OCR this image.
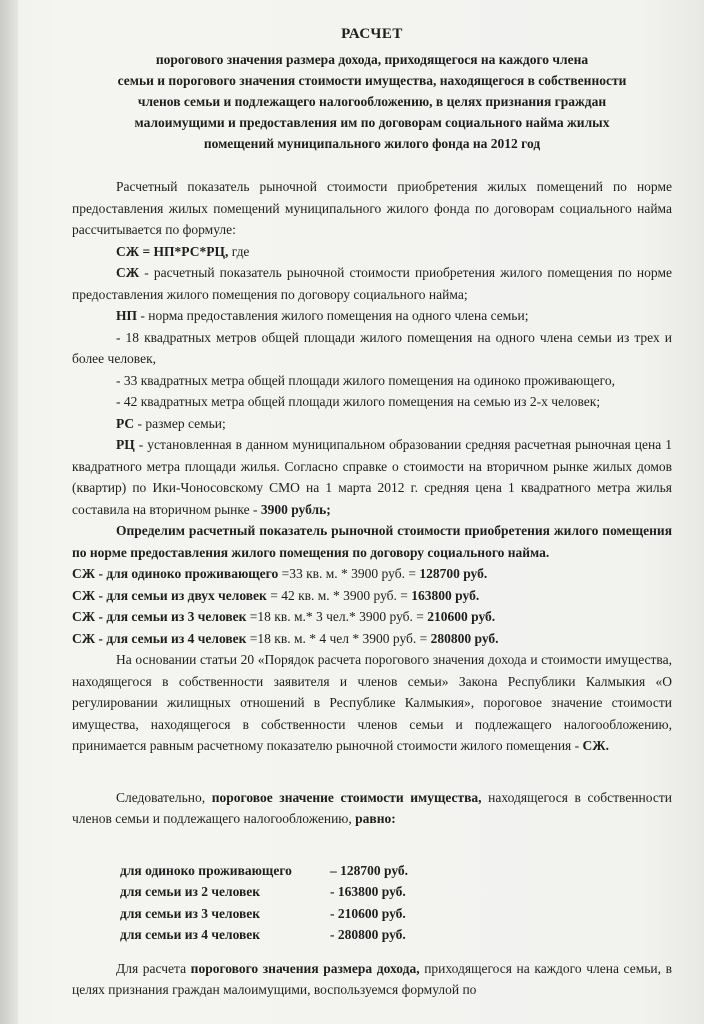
РАСЧЕТ

порогового значения размера дохода, приходящегося на каждого члена

семьи и порогового значения стоимости имущества, находящегося в собственности

членов семьи и подлежащего налогообложению, в целях признания граждан

малоимущими и предоставления им по договорам социального найма жилых

помещений муниципального жилого фонда на 2012 год

Расчетный показатель рыночной стоимости приобретения жилых помещений по норме предоставления жилых помещений муниципального жилого фонда по договорам социального найма рассчитывается по формуле:

СЖ = НП*РС*РЦ, где

СЖ - расчетный показатель рыночной стоимости приобретения жилого помещения по норме предоставления жилого помещения по договору социального найма;

НП - норма предоставления жилого помещения на одного члена семьи;

- 18 квадратных метров общей площади жилого помещения на одного члена семьи из трех и более человек,

- 33 квадратных метра общей площади жилого помещения на одиноко проживающего,

- 42 квадратных метра общей площади жилого помещения на семью из 2-х человек;

РС - размер семьи;

РЦ - установленная в данном муниципальном образовании средняя расчетная рыночная цена 1 квадратного метра площади жилья. Согласно справке о стоимости на вторичном рынке жилых домов (квартир) по Ики-Чоносовскому СМО на 1 марта 2012 г. средняя цена 1 квадратного метра жилья составила на вторичном рынке - 3900 рубль;

Определим расчетный показатель рыночной стоимости приобретения жилого помещения по норме предоставления жилого помещения по договору социального найма.

СЖ - для одиноко проживающего =33 кв. м. * 3900 руб. = 128700 руб.

СЖ - для семьи из двух человек = 42 кв. м. * 3900 руб. = 163800 руб.

СЖ - для семьи из 3 человек =18 кв. м.* 3 чел.* 3900 руб. = 210600 руб.

СЖ - для семьи из 4 человек =18 кв. м. * 4 чел * 3900 руб. = 280800 руб.

На основании статьи 20 «Порядок расчета порогового значения дохода и стоимости имущества, находящегося в собственности заявителя и членов семьи» Закона Республики Калмыкия «О регулировании жилищных отношений в Республике Калмыкия», пороговое значение стоимости имущества, находящегося в собственности членов семьи и подлежащего налогообложению, принимается равным расчетному показателю рыночной стоимости жилого помещения - СЖ.

Следовательно, пороговое значение стоимости имущества, находящегося в собственности членов семьи и подлежащего налогообложению, равно:

для одиноко проживающего	– 128700 руб.
для семьи из 2 человек	- 163800 руб.
для семьи из 3 человек	- 210600 руб.
для семьи из 4 человек	- 280800 руб.

Для расчета порогового значения размера дохода, приходящегося на каждого члена семьи, в целях признания граждан малоимущими, воспользуемся формулой по
